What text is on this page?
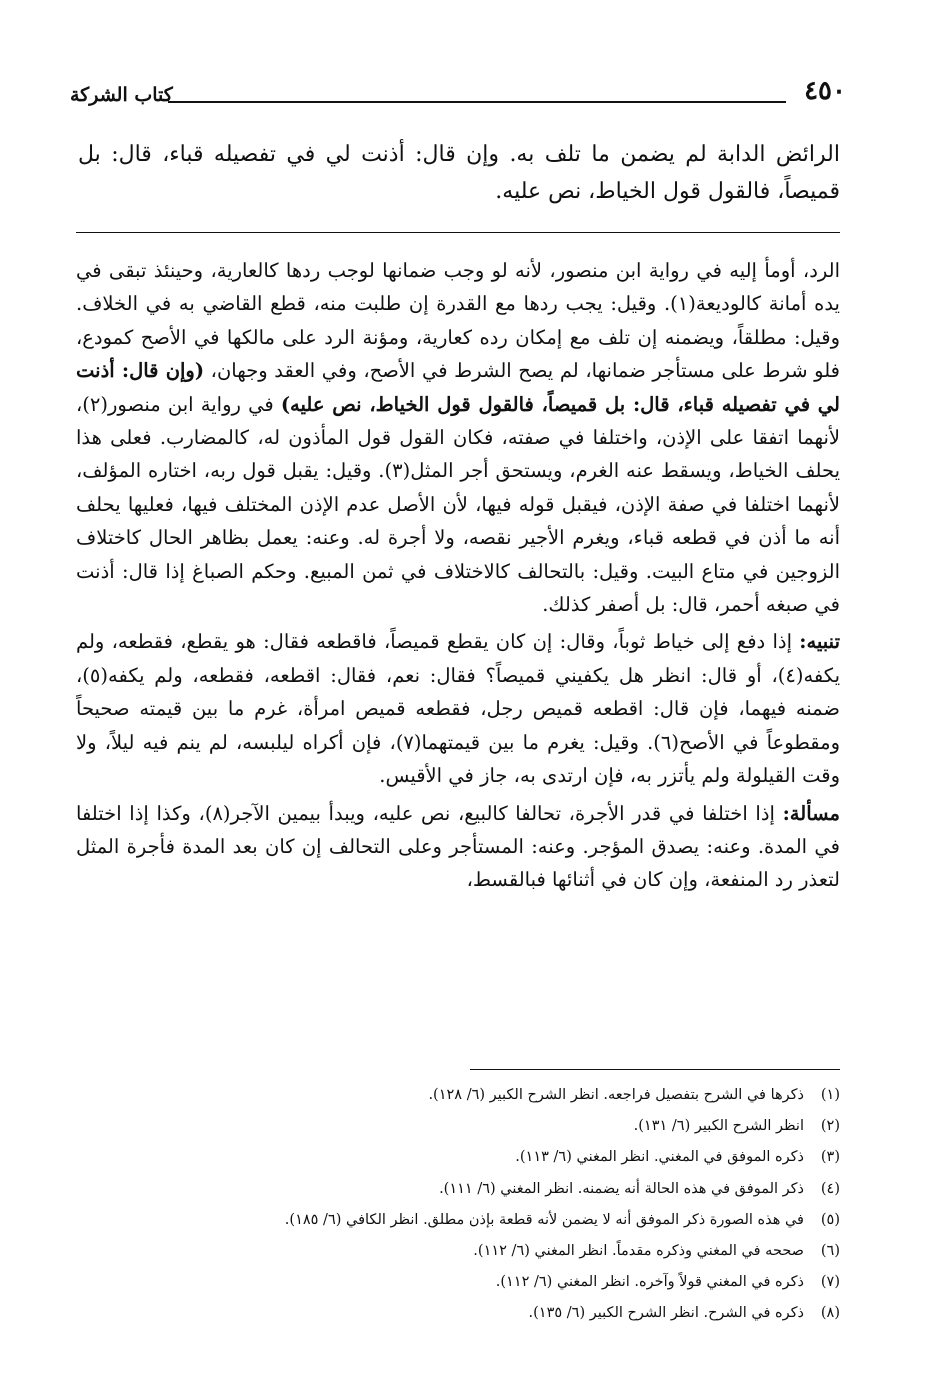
٤٥٠
كتاب الشركة
الرائض الدابة لم يضمن ما تلف به. وإن قال: أذنت لي في تفصيله قباء، قال: بل قميصاً، فالقول قول الخياط، نص عليه.

الرد، أومأ إليه في رواية ابن منصور، لأنه لو وجب ضمانها لوجب ردها كالعارية، وحينئذ تبقى في يده أمانة كالوديعة(١). وقيل: يجب ردها مع القدرة إن طلبت منه، قطع القاضي به في الخلاف. وقيل: مطلقاً، ويضمنه إن تلف مع إمكان رده كعارية، ومؤنة الرد على مالكها في الأصح كمودع، فلو شرط على مستأجر ضمانها، لم يصح الشرط في الأصح، وفي العقد وجهان، (وإن قال: أذنت لي في تفصيله قباء، قال: بل قميصاً، فالقول قول الخياط، نص عليه) في رواية ابن منصور(٢)، لأنهما اتفقا على الإذن، واختلفا في صفته، فكان القول قول المأذون له، كالمضارب. فعلى هذا يحلف الخياط، ويسقط عنه الغرم، ويستحق أجر المثل(٣). وقيل: يقبل قول ربه، اختاره المؤلف، لأنهما اختلفا في صفة الإذن، فيقبل قوله فيها، لأن الأصل عدم الإذن المختلف فيها، فعليها يحلف أنه ما أذن في قطعه قباء، ويغرم الأجير نقصه، ولا أجرة له. وعنه: يعمل بظاهر الحال كاختلاف الزوجين في متاع البيت. وقيل: بالتحالف كالاختلاف في ثمن المبيع. وحكم الصباغ إذا قال: أذنت في صبغه أحمر، قال: بل أصفر كذلك.

تنبيه: إذا دفع إلى خياط ثوباً، وقال: إن كان يقطع قميصاً، فاقطعه فقال: هو يقطع، فقطعه، ولم يكفه(٤)، أو قال: انظر هل يكفيني قميصاً؟ فقال: نعم، فقال: اقطعه، فقطعه، ولم يكفه(٥)، ضمنه فيهما، فإن قال: اقطعه قميص رجل، فقطعه قميص امرأة، غرم ما بين قيمته صحيحاً ومقطوعاً في الأصح(٦). وقيل: يغرم ما بين قيمتهما(٧)، فإن أكراه ليلبسه، لم ينم فيه ليلاً، ولا وقت القيلولة ولم يأتزر به، فإن ارتدى به، جاز في الأقيس.

مسألة: إذا اختلفا في قدر الأجرة، تحالفا كالبيع، نص عليه، ويبدأ بيمين الآجر(٨)، وكذا إذا اختلفا في المدة. وعنه: يصدق المؤجر. وعنه: المستأجر وعلى التحالف إن كان بعد المدة فأجرة المثل لتعذر رد المنفعة، وإن كان في أثنائها فبالقسط،

(١)
ذكرها في الشرح بتفصيل فراجعه. انظر الشرح الكبير (٦/ ١٢٨).
(٢)
انظر الشرح الكبير (٦/ ١٣١).
(٣)
ذكره الموفق في المغني. انظر المغني (٦/ ١١٣).
(٤)
ذكر الموفق في هذه الحالة أنه يضمنه. انظر المغني (٦/ ١١١).
(٥)
في هذه الصورة ذكر الموفق أنه لا يضمن لأنه قطعة بإذن مطلق. انظر الكافي (٦/ ١٨٥).
(٦)
صححه في المغني وذكره مقدماً. انظر المغني (٦/ ١١٢).
(٧)
ذكره في المغني قولاً وآخره. انظر المغني (٦/ ١١٢).
(٨)
ذكره في الشرح. انظر الشرح الكبير (٦/ ١٣٥).
